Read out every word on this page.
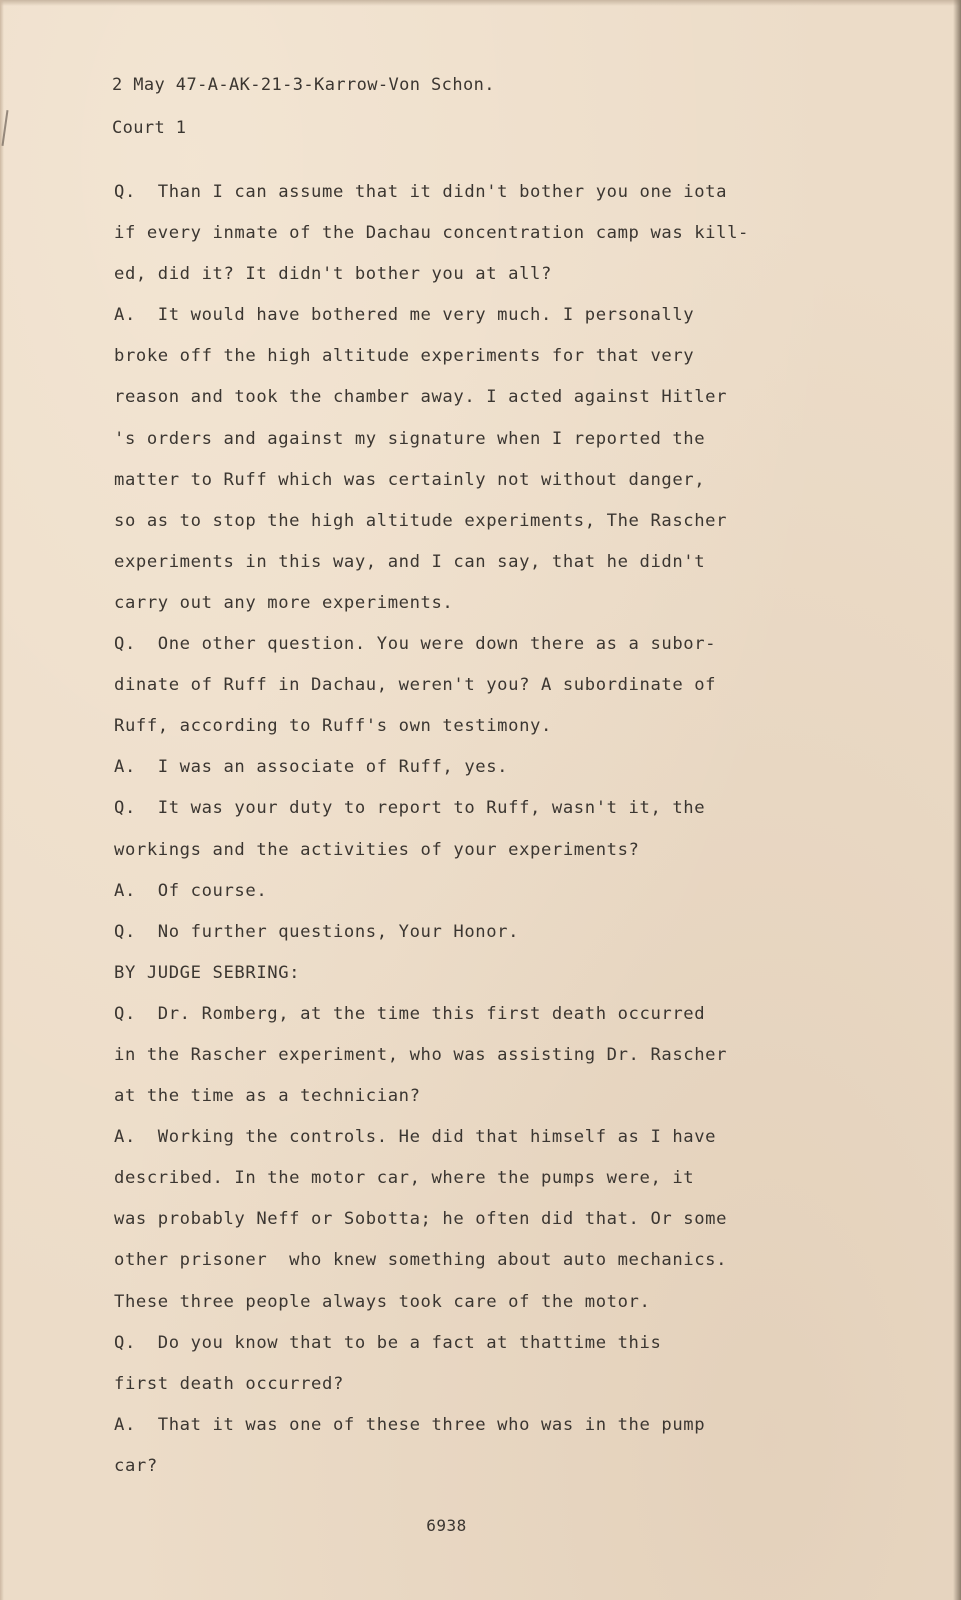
2 May 47-A-AK-21-3-Karrow-Von Schon.
Court 1
Q.  Than I can assume that it didn't bother you one iota
if every inmate of the Dachau concentration camp was kill-
ed, did it? It didn't bother you at all?
A.  It would have bothered me very much. I personally
broke off the high altitude experiments for that very
reason and took the chamber away. I acted against Hitler
's orders and against my signature when I reported the
matter to Ruff which was certainly not without danger,
so as to stop the high altitude experiments, The Rascher
experiments in this way, and I can say, that he didn't
carry out any more experiments.
Q.  One other question. You were down there as a subor-
dinate of Ruff in Dachau, weren't you? A subordinate of
Ruff, according to Ruff's own testimony.
A.  I was an associate of Ruff, yes.
Q.  It was your duty to report to Ruff, wasn't it, the
workings and the activities of your experiments?
A.  Of course.
Q.  No further questions, Your Honor.
BY JUDGE SEBRING:
Q.  Dr. Romberg, at the time this first death occurred
in the Rascher experiment, who was assisting Dr. Rascher
at the time as a technician?
A.  Working the controls. He did that himself as I have
described. In the motor car, where the pumps were, it
was probably Neff or Sobotta; he often did that. Or some
other prisoner  who knew something about auto mechanics.
These three people always took care of the motor.
Q.  Do you know that to be a fact at thattime this
first death occurred?
A.  That it was one of these three who was in the pump
car?
6938
